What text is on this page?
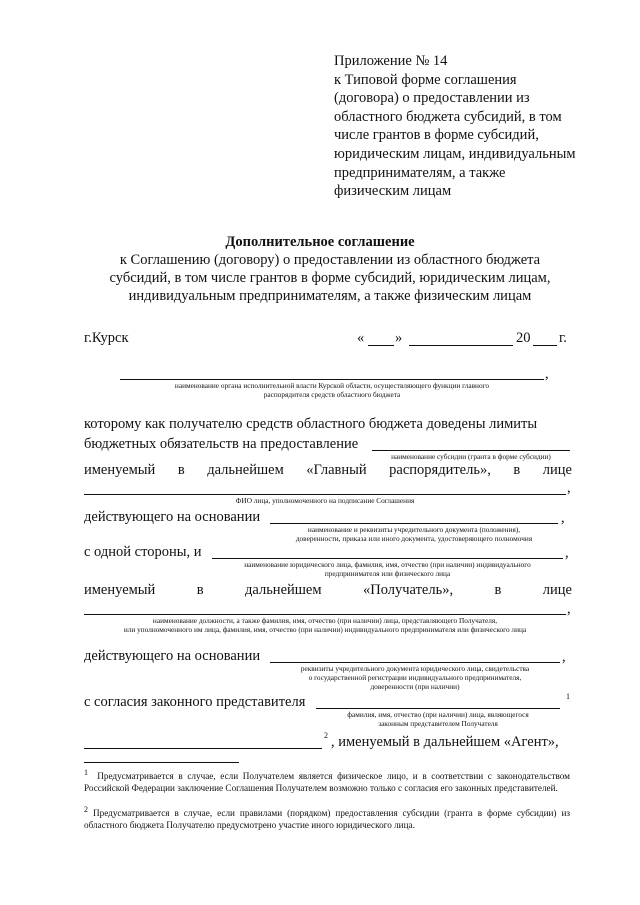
Приложение № 14
к Типовой форме соглашения
(договора) о предоставлении из
областного бюджета субсидий, в том
числе грантов в форме субсидий,
юридическим лицам, индивидуальным
предпринимателям, а также
физическим лицам
Дополнительное соглашение
к Соглашению (договору) о предоставлении из областного бюджета
субсидий, в том числе грантов в форме субсидий, юридическим лицам,
индивидуальным предпринимателям, а также физическим лицам
г.Курск	« »	20 г.
,
наименование органа исполнительной власти Курской области, осуществляющего функции главного
распорядителя средств областного бюджета
которому как получателю средств областного бюджета доведены лимиты
бюджетных обязательств на предоставление
наименование субсидии (гранта в форме субсидии)
именуемый в дальнейшем «Главный распорядитель», в лице
,
ФИО лица, уполномоченного на подписание Соглашения
действующего на основании	,
наименование и реквизиты учредительного документа (положения),
доверенности, приказа или иного документа, удостоверяющего полномочия
с одной стороны, и	,
наименование юридического лица, фамилия, имя, отчество (при наличии) индивидуального
предпринимателя или физического лица
именуемый	в	дальнейшем	«Получатель»,	в	лице
,
наименование должности, а также фамилия, имя, отчество (при наличии) лица, представляющего Получателя,
или уполномоченного им лица, фамилия, имя, отчество (при наличии) индивидуального предпринимателя или физического лица
действующего на основании	,
реквизиты учредительного документа юридического лица, свидетельства
о государственной регистрации индивидуального предпринимателя,
доверенности (при наличии)
с согласия законного представителя	1
фамилия, имя, отчество (при наличии) лица, являющегося
законным представителем Получателя
2 , именуемый в дальнейшем «Агент»,
$^1$ Предусматривается в случае, если Получателем является физическое лицо, и в соответствии с законодательством Российской Федерации заключение Соглашения Получателем возможно только с согласия его законных представителей.
$^2$ Предусматривается в случае, если правилами (порядком) предоставления субсидии (гранта в форме субсидии) из областного бюджета Получателю предусмотрено участие иного юридического лица.
